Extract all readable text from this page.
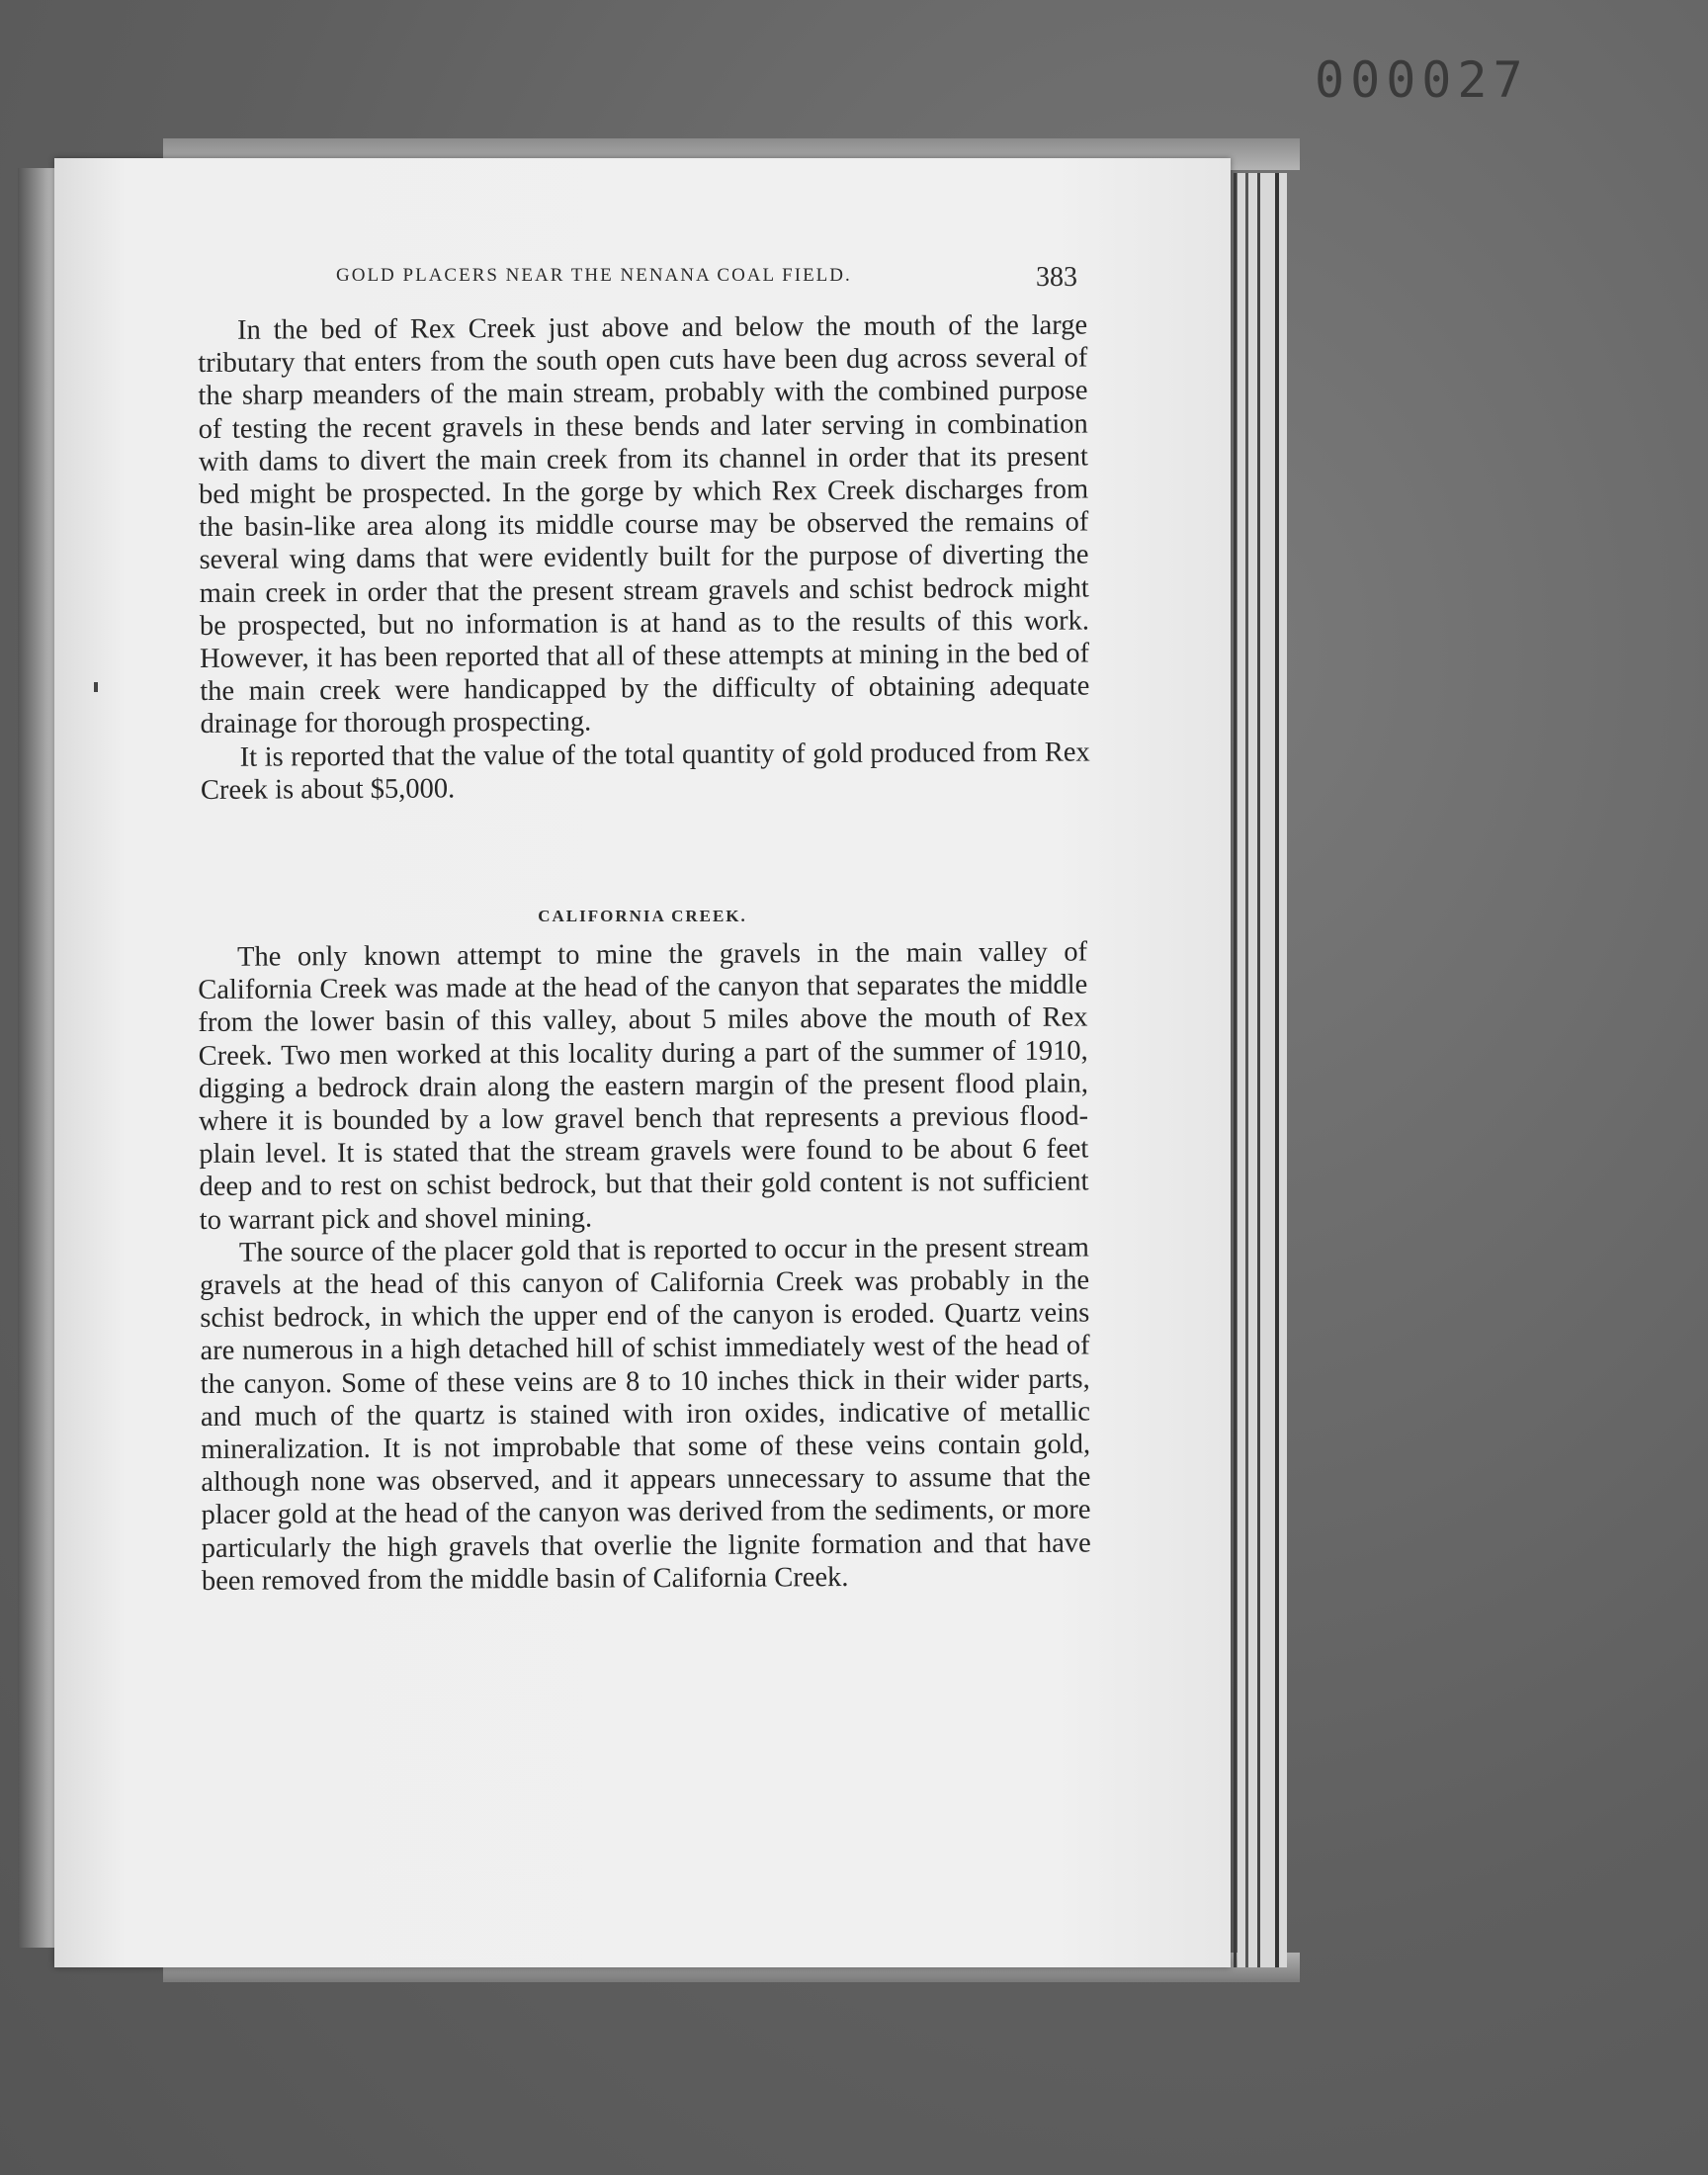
000027
GOLD PLACERS NEAR THE NENANA COAL FIELD.	383

In the bed of Rex Creek just above and below the mouth of the large tributary that enters from the south open cuts have been dug across several of the sharp meanders of the main stream, probably with the combined purpose of testing the recent gravels in these bends and later serving in combination with dams to divert the main creek from its channel in order that its present bed might be prospected. In the gorge by which Rex Creek discharges from the basin-like area along its middle course may be observed the remains of several wing dams that were evidently built for the purpose of diverting the main creek in order that the present stream gravels and schist bedrock might be prospected, but no information is at hand as to the results of this work. However, it has been reported that all of these attempts at mining in the bed of the main creek were handicapped by the difficulty of obtaining adequate drainage for thorough prospecting.

It is reported that the value of the total quantity of gold produced from Rex Creek is about $5,000.

CALIFORNIA CREEK.

The only known attempt to mine the gravels in the main valley of California Creek was made at the head of the canyon that separates the middle from the lower basin of this valley, about 5 miles above the mouth of Rex Creek. Two men worked at this locality during a part of the summer of 1910, digging a bedrock drain along the eastern margin of the present flood plain, where it is bounded by a low gravel bench that represents a previous flood-plain level. It is stated that the stream gravels were found to be about 6 feet deep and to rest on schist bedrock, but that their gold content is not sufficient to warrant pick and shovel mining.

The source of the placer gold that is reported to occur in the present stream gravels at the head of this canyon of California Creek was probably in the schist bedrock, in which the upper end of the canyon is eroded. Quartz veins are numerous in a high detached hill of schist immediately west of the head of the canyon. Some of these veins are 8 to 10 inches thick in their wider parts, and much of the quartz is stained with iron oxides, indicative of metallic mineralization. It is not improbable that some of these veins contain gold, although none was observed, and it appears unnecessary to assume that the placer gold at the head of the canyon was derived from the sediments, or more particularly the high gravels that overlie the lignite formation and that have been removed from the middle basin of California Creek.
